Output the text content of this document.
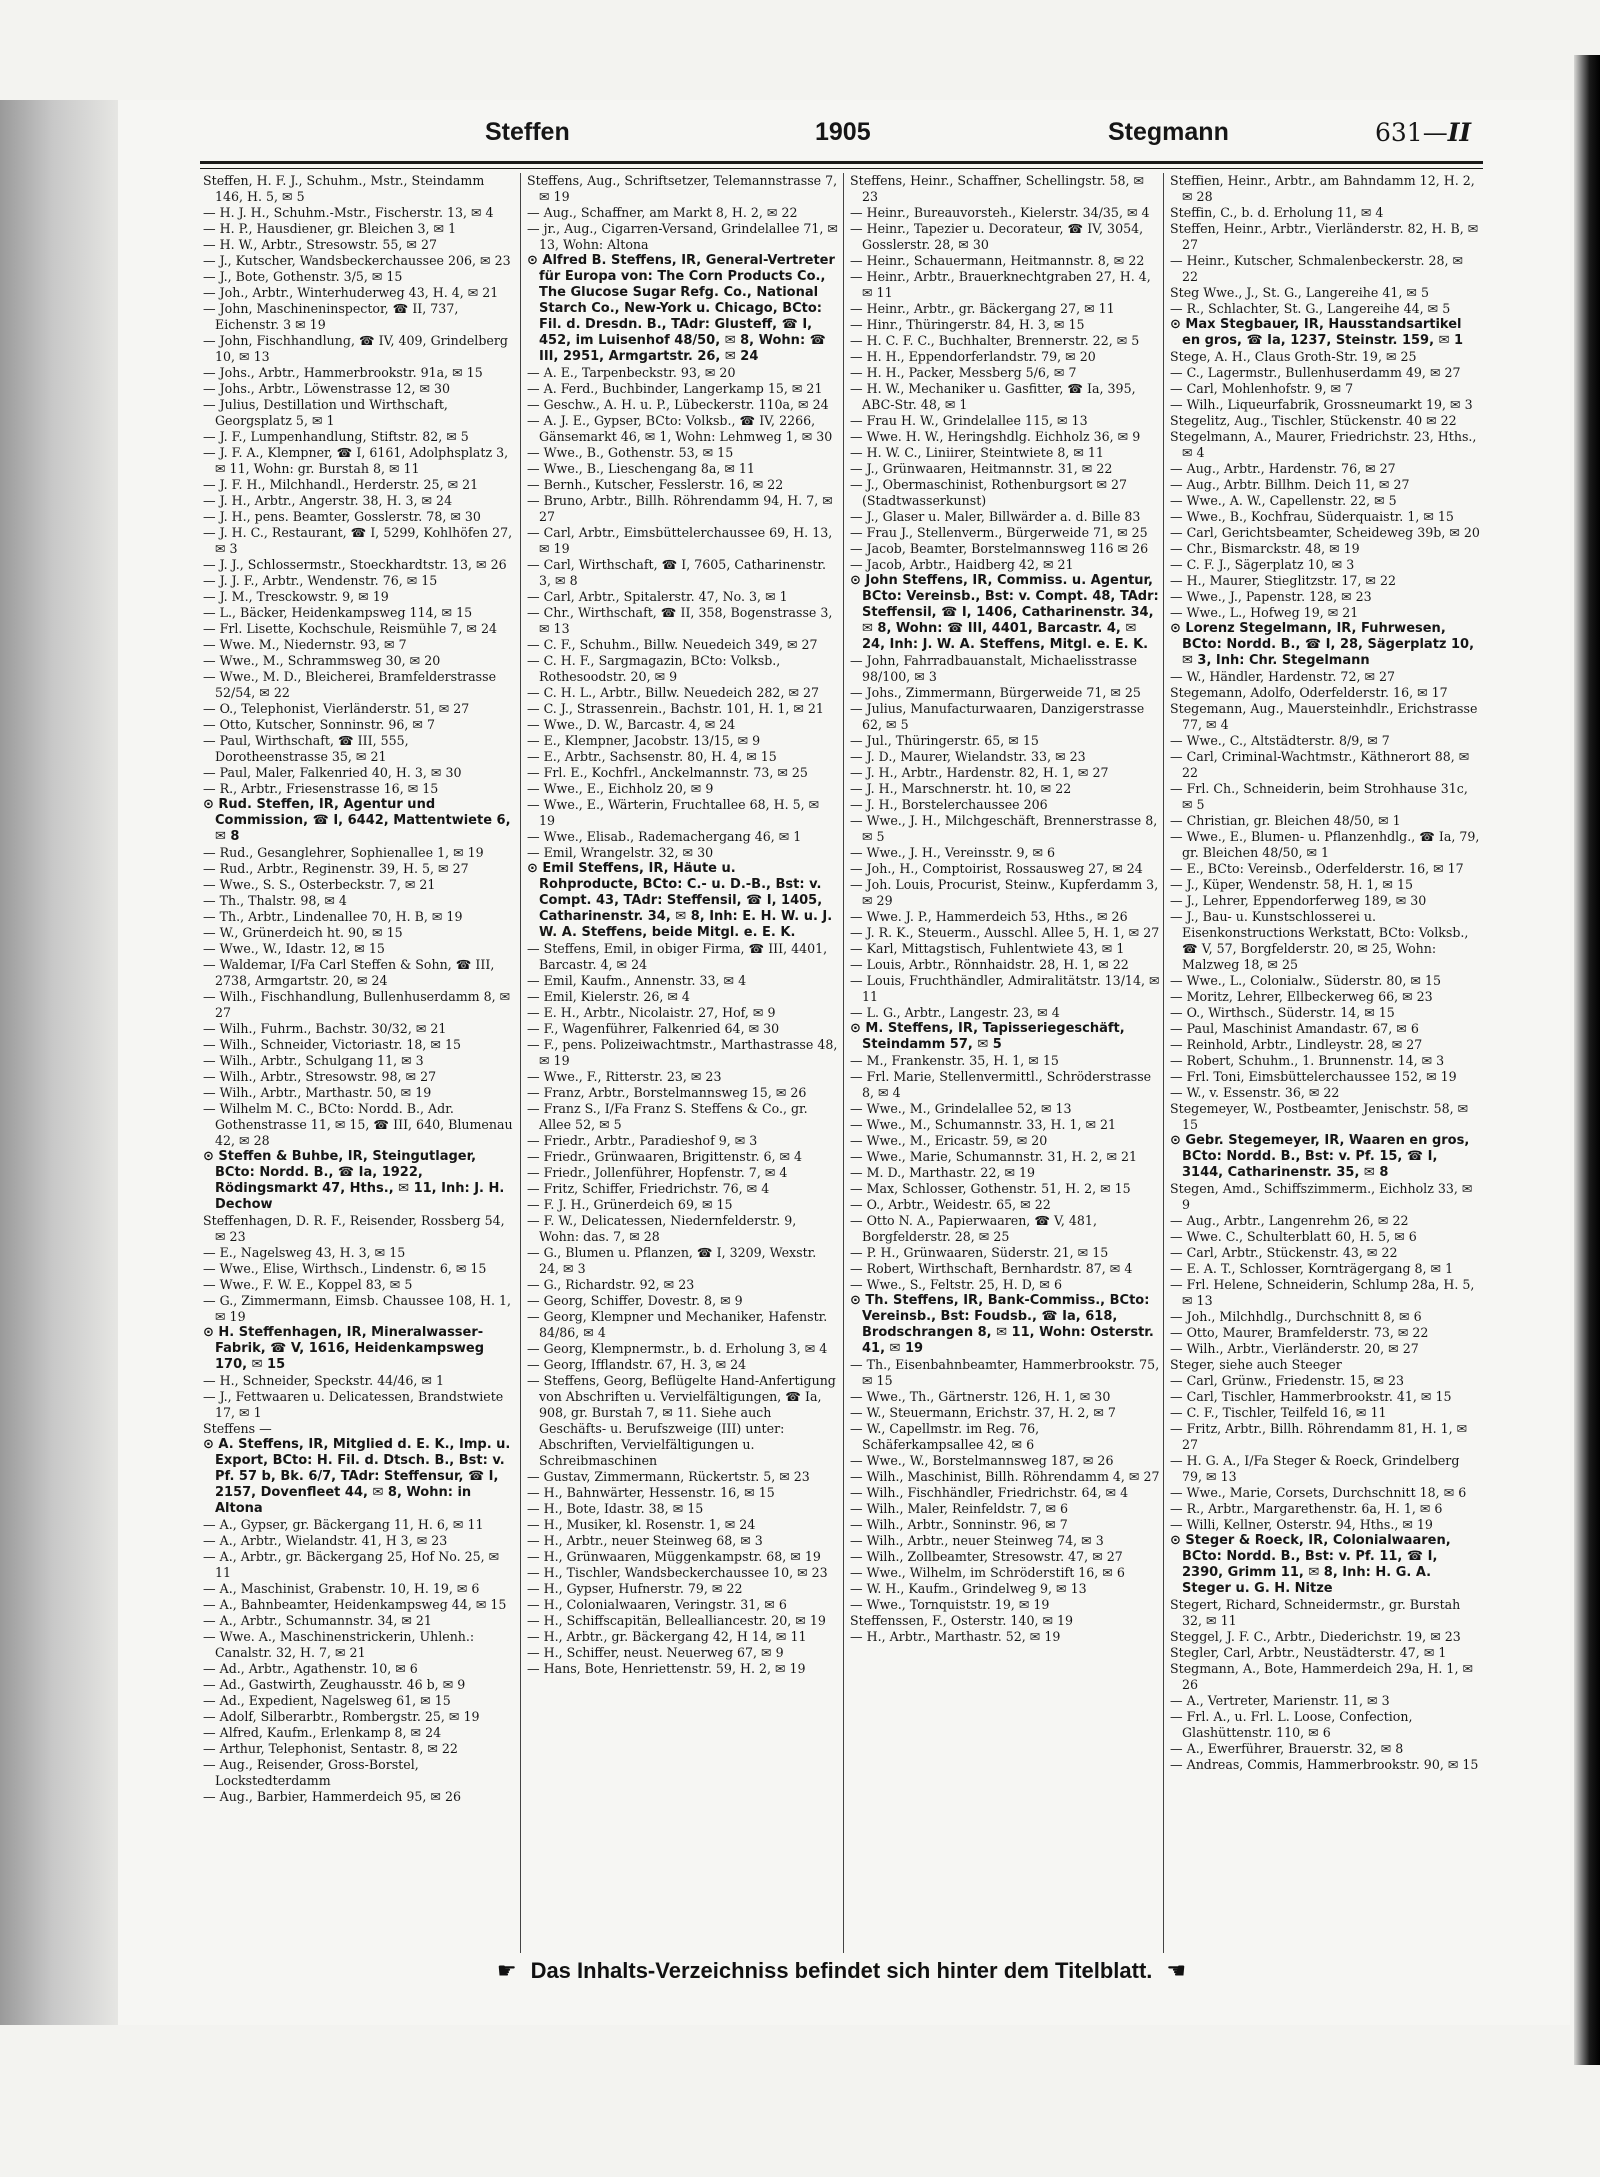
Steffen	1905	Stegmann	631—II

Steffen, H. F. J., Schuhm., Mstr., Steindamm 146, H. 5, ✉ 5

— H. J. H., Schuhm.-Mstr., Fischerstr. 13, ✉ 4

— H. P., Hausdiener, gr. Bleichen 3, ✉ 1

— H. W., Arbtr., Stresowstr. 55, ✉ 27

— J., Kutscher, Wandsbeckerchaussee 206, ✉ 23

— J., Bote, Gothenstr. 3/5, ✉ 15

— Joh., Arbtr., Winterhuderweg 43, H. 4, ✉ 21

— John, Maschineninspector, ☎ II, 737, Eichenstr. 3 ✉ 19

— John, Fischhandlung, ☎ IV, 409, Grindelberg 10, ✉ 13

— Johs., Arbtr., Hammerbrookstr. 91a, ✉ 15

— Johs., Arbtr., Löwenstrasse 12, ✉ 30

— Julius, Destillation und Wirthschaft, Georgsplatz 5, ✉ 1

— J. F., Lumpenhandlung, Stiftstr. 82, ✉ 5

— J. F. A., Klempner, ☎ I, 6161, Adolphsplatz 3, ✉ 11, Wohn: gr. Burstah 8, ✉ 11

— J. F. H., Milchhandl., Herderstr. 25, ✉ 21

— J. H., Arbtr., Angerstr. 38, H. 3, ✉ 24

— J. H., pens. Beamter, Gosslerstr. 78, ✉ 30

— J. H. C., Restaurant, ☎ I, 5299, Kohlhöfen 27, ✉ 3

— J. J., Schlossermstr., Stoeckhardtstr. 13, ✉ 26

— J. J. F., Arbtr., Wendenstr. 76, ✉ 15

— J. M., Tresckowstr. 9, ✉ 19

— L., Bäcker, Heidenkampsweg 114, ✉ 15

— Frl. Lisette, Kochschule, Reismühle 7, ✉ 24

— Wwe. M., Niedernstr. 93, ✉ 7

— Wwe., M., Schrammsweg 30, ✉ 20

— Wwe., M. D., Bleicherei, Bramfelderstrasse 52/54, ✉ 22

— O., Telephonist, Vierländerstr. 51, ✉ 27

— Otto, Kutscher, Sonninstr. 96, ✉ 7

— Paul, Wirthschaft, ☎ III, 555, Dorotheenstrasse 35, ✉ 21

— Paul, Maler, Falkenried 40, H. 3, ✉ 30

— R., Arbtr., Friesenstrasse 16, ✉ 15

⊙ Rud. Steffen, IR, Agentur und Commission, ☎ I, 6442, Mattentwiete 6, ✉ 8

— Rud., Gesanglehrer, Sophienallee 1, ✉ 19

— Rud., Arbtr., Reginenstr. 39, H. 5, ✉ 27

— Wwe., S. S., Osterbeckstr. 7, ✉ 21

— Th., Thalstr. 98, ✉ 4

— Th., Arbtr., Lindenallee 70, H. B, ✉ 19

— W., Grünerdeich ht. 90, ✉ 15

— Wwe., W., Idastr. 12, ✉ 15

— Waldemar, I/Fa Carl Steffen & Sohn, ☎ III, 2738, Armgartstr. 20, ✉ 24

— Wilh., Fischhandlung, Bullenhuserdamm 8, ✉ 27

— Wilh., Fuhrm., Bachstr. 30/32, ✉ 21

— Wilh., Schneider, Victoriastr. 18, ✉ 15

— Wilh., Arbtr., Schulgang 11, ✉ 3

— Wilh., Arbtr., Stresowstr. 98, ✉ 27

— Wilh., Arbtr., Marthastr. 50, ✉ 19

— Wilhelm M. C., BCto: Nordd. B., Adr. Gothenstrasse 11, ✉ 15, ☎ III, 640, Blumenau 42, ✉ 28

⊙ Steffen & Buhbe, IR, Steingutlager, BCto: Nordd. B., ☎ Ia, 1922, Rödingsmarkt 47, Hths., ✉ 11, Inh: J. H. Dechow

Steffenhagen, D. R. F., Reisender, Rossberg 54, ✉ 23

— E., Nagelsweg 43, H. 3, ✉ 15

— Wwe., Elise, Wirthsch., Lindenstr. 6, ✉ 15

— Wwe., F. W. E., Koppel 83, ✉ 5

— G., Zimmermann, Eimsb. Chaussee 108, H. 1, ✉ 19

⊙ H. Steffenhagen, IR, Mineralwasser-Fabrik, ☎ V, 1616, Heidenkampsweg 170, ✉ 15

— H., Schneider, Speckstr. 44/46, ✉ 1

— J., Fettwaaren u. Delicatessen, Brandstwiete 17, ✉ 1

Steffens —

⊙ A. Steffens, IR, Mitglied d. E. K., Imp. u. Export, BCto: H. Fil. d. Dtsch. B., Bst: v. Pf. 57 b, Bk. 6/7, TAdr: Steffensur, ☎ I, 2157, Dovenfleet 44, ✉ 8, Wohn: in Altona

— A., Gypser, gr. Bäckergang 11, H. 6, ✉ 11

— A., Arbtr., Wielandstr. 41, H 3, ✉ 23

— A., Arbtr., gr. Bäckergang 25, Hof No. 25, ✉ 11

— A., Maschinist, Grabenstr. 10, H. 19, ✉ 6

— A., Bahnbeamter, Heidenkampsweg 44, ✉ 15

— A., Arbtr., Schumannstr. 34, ✉ 21

— Wwe. A., Maschinenstrickerin, Uhlenh.: Canalstr. 32, H. 7, ✉ 21

— Ad., Arbtr., Agathenstr. 10, ✉ 6

— Ad., Gastwirth, Zeughausstr. 46 b, ✉ 9

— Ad., Expedient, Nagelsweg 61, ✉ 15

— Adolf, Silberarbtr., Rombergstr. 25, ✉ 19

— Alfred, Kaufm., Erlenkamp 8, ✉ 24

— Arthur, Telephonist, Sentastr. 8, ✉ 22

— Aug., Reisender, Gross-Borstel, Lockstedterdamm

— Aug., Barbier, Hammerdeich 95, ✉ 26

Steffens, Aug., Schriftsetzer, Telemannstrasse 7, ✉ 19

— Aug., Schaffner, am Markt 8, H. 2, ✉ 22

— jr., Aug., Cigarren-Versand, Grindelallee 71, ✉ 13, Wohn: Altona

⊙ Alfred B. Steffens, IR, General-Vertreter für Europa von: The Corn Products Co., The Glucose Sugar Refg. Co., National Starch Co., New-York u. Chicago, BCto: Fil. d. Dresdn. B., TAdr: Glusteff, ☎ I, 452, im Luisenhof 48/50, ✉ 8, Wohn: ☎ III, 2951, Armgartstr. 26, ✉ 24

— A. E., Tarpenbeckstr. 93, ✉ 20

— A. Ferd., Buchbinder, Langerkamp 15, ✉ 21

— Geschw., A. H. u. P., Lübeckerstr. 110a, ✉ 24

— A. J. E., Gypser, BCto: Volksb., ☎ IV, 2266, Gänsemarkt 46, ✉ 1, Wohn: Lehmweg 1, ✉ 30

— Wwe., B., Gothenstr. 53, ✉ 15

— Wwe., B., Lieschengang 8a, ✉ 11

— Bernh., Kutscher, Fesslerstr. 16, ✉ 22

— Bruno, Arbtr., Billh. Röhrendamm 94, H. 7, ✉ 27

— Carl, Arbtr., Eimsbüttelerchaussee 69, H. 13, ✉ 19

— Carl, Wirthschaft, ☎ I, 7605, Catharinenstr. 3, ✉ 8

— Carl, Arbtr., Spitalerstr. 47, No. 3, ✉ 1

— Chr., Wirthschaft, ☎ II, 358, Bogenstrasse 3, ✉ 13

— C. F., Schuhm., Billw. Neuedeich 349, ✉ 27

— C. H. F., Sargmagazin, BCto: Volksb., Rothesoodstr. 20, ✉ 9

— C. H. L., Arbtr., Billw. Neuedeich 282, ✉ 27

— C. J., Strassenrein., Bachstr. 101, H. 1, ✉ 21

— Wwe., D. W., Barcastr. 4, ✉ 24

— E., Klempner, Jacobstr. 13/15, ✉ 9

— E., Arbtr., Sachsenstr. 80, H. 4, ✉ 15

— Frl. E., Kochfrl., Anckelmannstr. 73, ✉ 25

— Wwe., E., Eichholz 20, ✉ 9

— Wwe., E., Wärterin, Fruchtallee 68, H. 5, ✉ 19

— Wwe., Elisab., Rademachergang 46, ✉ 1

— Emil, Wrangelstr. 32, ✉ 30

⊙ Emil Steffens, IR, Häute u. Rohproducte, BCto: C.- u. D.-B., Bst: v. Compt. 43, TAdr: Steffensil, ☎ I, 1405, Catharinenstr. 34, ✉ 8, Inh: E. H. W. u. J. W. A. Steffens, beide Mitgl. e. E. K.

— Steffens, Emil, in obiger Firma, ☎ III, 4401, Barcastr. 4, ✉ 24

— Emil, Kaufm., Annenstr. 33, ✉ 4

— Emil, Kielerstr. 26, ✉ 4

— E. H., Arbtr., Nicolaistr. 27, Hof, ✉ 9

— F., Wagenführer, Falkenried 64, ✉ 30

— F., pens. Polizeiwachtmstr., Marthastrasse 48, ✉ 19

— Wwe., F., Ritterstr. 23, ✉ 23

— Franz, Arbtr., Borstelmannsweg 15, ✉ 26

— Franz S., I/Fa Franz S. Steffens & Co., gr. Allee 52, ✉ 5

— Friedr., Arbtr., Paradieshof 9, ✉ 3

— Friedr., Grünwaaren, Brigittenstr. 6, ✉ 4

— Friedr., Jollenführer, Hopfenstr. 7, ✉ 4

— Fritz, Schiffer, Friedrichstr. 76, ✉ 4

— F. J. H., Grünerdeich 69, ✉ 15

— F. W., Delicatessen, Niedernfelderstr. 9, Wohn: das. 7, ✉ 28

— G., Blumen u. Pflanzen, ☎ I, 3209, Wexstr. 24, ✉ 3

— G., Richardstr. 92, ✉ 23

— Georg, Schiffer, Dovestr. 8, ✉ 9

— Georg, Klempner und Mechaniker, Hafenstr. 84/86, ✉ 4

— Georg, Klempnermstr., b. d. Erholung 3, ✉ 4

— Georg, Ifflandstr. 67, H. 3, ✉ 24

— Steffens, Georg, Beflügelte Hand-Anfertigung von Abschriften u. Vervielfältigungen, ☎ Ia, 908, gr. Burstah 7, ✉ 11. Siehe auch Geschäfts- u. Berufszweige (III) unter: Abschriften, Vervielfältigungen u. Schreibmaschinen

— Gustav, Zimmermann, Rückertstr. 5, ✉ 23

— H., Bahnwärter, Hessenstr. 16, ✉ 15

— H., Bote, Idastr. 38, ✉ 15

— H., Musiker, kl. Rosenstr. 1, ✉ 24

— H., Arbtr., neuer Steinweg 68, ✉ 3

— H., Grünwaaren, Müggenkampstr. 68, ✉ 19

— H., Tischler, Wandsbeckerchaussee 10, ✉ 23

— H., Gypser, Hufnerstr. 79, ✉ 22

— H., Colonialwaaren, Veringstr. 31, ✉ 6

— H., Schiffscapitän, Bellealliancestr. 20, ✉ 19

— H., Arbtr., gr. Bäckergang 42, H 14, ✉ 11

— H., Schiffer, neust. Neuerweg 67, ✉ 9

— Hans, Bote, Henriettenstr. 59, H. 2, ✉ 19

Steffens, Heinr., Schaffner, Schellingstr. 58, ✉ 23

— Heinr., Bureauvorsteh., Kielerstr. 34/35, ✉ 4

— Heinr., Tapezier u. Decorateur, ☎ IV, 3054, Gosslerstr. 28, ✉ 30

— Heinr., Schauermann, Heitmannstr. 8, ✉ 22

— Heinr., Arbtr., Brauerknechtgraben 27, H. 4, ✉ 11

— Heinr., Arbtr., gr. Bäckergang 27, ✉ 11

— Hinr., Thüringerstr. 84, H. 3, ✉ 15

— H. C. F. C., Buchhalter, Brennerstr. 22, ✉ 5

— H. H., Eppendorferlandstr. 79, ✉ 20

— H. H., Packer, Messberg 5/6, ✉ 7

— H. W., Mechaniker u. Gasfitter, ☎ Ia, 395, ABC-Str. 48, ✉ 1

— Frau H. W., Grindelallee 115, ✉ 13

— Wwe. H. W., Heringshdlg. Eichholz 36, ✉ 9

— H. W. C., Liniirer, Steintwiete 8, ✉ 11

— J., Grünwaaren, Heitmannstr. 31, ✉ 22

— J., Obermaschinist, Rothenburgsort ✉ 27 (Stadtwasserkunst)

— J., Glaser u. Maler, Billwärder a. d. Bille 83

— Frau J., Stellenverm., Bürgerweide 71, ✉ 25

— Jacob, Beamter, Borstelmannsweg 116 ✉ 26

— Jacob, Arbtr., Haidberg 42, ✉ 21

⊙ John Steffens, IR, Commiss. u. Agentur, BCto: Vereinsb., Bst: v. Compt. 48, TAdr: Steffensil, ☎ I, 1406, Catharinenstr. 34, ✉ 8, Wohn: ☎ III, 4401, Barcastr. 4, ✉ 24, Inh: J. W. A. Steffens, Mitgl. e. E. K.

— John, Fahrradbauanstalt, Michaelisstrasse 98/100, ✉ 3

— Johs., Zimmermann, Bürgerweide 71, ✉ 25

— Julius, Manufacturwaaren, Danzigerstrasse 62, ✉ 5

— Jul., Thüringerstr. 65, ✉ 15

— J. D., Maurer, Wielandstr. 33, ✉ 23

— J. H., Arbtr., Hardenstr. 82, H. 1, ✉ 27

— J. H., Marschnerstr. ht. 10, ✉ 22

— J. H., Borstelerchaussee 206

— Wwe., J. H., Milchgeschäft, Brennerstrasse 8, ✉ 5

— Wwe., J. H., Vereinsstr. 9, ✉ 6

— Joh., H., Comptoirist, Rossausweg 27, ✉ 24

— Joh. Louis, Procurist, Steinw., Kupferdamm 3, ✉ 29

— Wwe. J. P., Hammerdeich 53, Hths., ✉ 26

— J. R. K., Steuerm., Ausschl. Allee 5, H. 1, ✉ 27

— Karl, Mittagstisch, Fuhlentwiete 43, ✉ 1

— Louis, Arbtr., Rönnhaidstr. 28, H. 1, ✉ 22

— Louis, Fruchthändler, Admiralitätstr. 13/14, ✉ 11

— L. G., Arbtr., Langestr. 23, ✉ 4

⊙ M. Steffens, IR, Tapisseriegeschäft, Steindamm 57, ✉ 5

— M., Frankenstr. 35, H. 1, ✉ 15

— Frl. Marie, Stellenvermittl., Schröderstrasse 8, ✉ 4

— Wwe., M., Grindelallee 52, ✉ 13

— Wwe., M., Schumannstr. 33, H. 1, ✉ 21

— Wwe., M., Ericastr. 59, ✉ 20

— Wwe., Marie, Schumannstr. 31, H. 2, ✉ 21

— M. D., Marthastr. 22, ✉ 19

— Max, Schlosser, Gothenstr. 51, H. 2, ✉ 15

— O., Arbtr., Weidestr. 65, ✉ 22

— Otto N. A., Papierwaaren, ☎ V, 481, Borgfelderstr. 28, ✉ 25

— P. H., Grünwaaren, Süderstr. 21, ✉ 15

— Robert, Wirthschaft, Bernhardstr. 87, ✉ 4

— Wwe., S., Feltstr. 25, H. D, ✉ 6

⊙ Th. Steffens, IR, Bank-Commiss., BCto: Vereinsb., Bst: Foudsb., ☎ Ia, 618, Brodschrangen 8, ✉ 11, Wohn: Osterstr. 41, ✉ 19

— Th., Eisenbahnbeamter, Hammerbrookstr. 75, ✉ 15

— Wwe., Th., Gärtnerstr. 126, H. 1, ✉ 30

— W., Steuermann, Erichstr. 37, H. 2, ✉ 7

— W., Capellmstr. im Reg. 76, Schäferkampsallee 42, ✉ 6

— Wwe., W., Borstelmannsweg 187, ✉ 26

— Wilh., Maschinist, Billh. Röhrendamm 4, ✉ 27

— Wilh., Fischhändler, Friedrichstr. 64, ✉ 4

— Wilh., Maler, Reinfeldstr. 7, ✉ 6

— Wilh., Arbtr., Sonninstr. 96, ✉ 7

— Wilh., Arbtr., neuer Steinweg 74, ✉ 3

— Wilh., Zollbeamter, Stresowstr. 47, ✉ 27

— Wwe., Wilhelm, im Schröderstift 16, ✉ 6

— W. H., Kaufm., Grindelweg 9, ✉ 13

— Wwe., Tornquiststr. 19, ✉ 19

Steffenssen, F., Osterstr. 140, ✉ 19

— H., Arbtr., Marthastr. 52, ✉ 19

Steffien, Heinr., Arbtr., am Bahndamm 12, H. 2, ✉ 28

Steffin, C., b. d. Erholung 11, ✉ 4

Steffen, Heinr., Arbtr., Vierländerstr. 82, H. B, ✉ 27

— Heinr., Kutscher, Schmalenbeckerstr. 28, ✉ 22

Steg Wwe., J., St. G., Langereihe 41, ✉ 5

— R., Schlachter, St. G., Langereihe 44, ✉ 5

⊙ Max Stegbauer, IR, Hausstandsartikel en gros, ☎ Ia, 1237, Steinstr. 159, ✉ 1

Stege, A. H., Claus Groth-Str. 19, ✉ 25

— C., Lagermstr., Bullenhuserdamm 49, ✉ 27

— Carl, Mohlenhofstr. 9, ✉ 7

— Wilh., Liqueurfabrik, Grossneumarkt 19, ✉ 3

Stegelitz, Aug., Tischler, Stückenstr. 40 ✉ 22

Stegelmann, A., Maurer, Friedrichstr. 23, Hths., ✉ 4

— Aug., Arbtr., Hardenstr. 76, ✉ 27

— Aug., Arbtr. Billhm. Deich 11, ✉ 27

— Wwe., A. W., Capellenstr. 22, ✉ 5

— Wwe., B., Kochfrau, Süderquaistr. 1, ✉ 15

— Carl, Gerichtsbeamter, Scheideweg 39b, ✉ 20

— Chr., Bismarckstr. 48, ✉ 19

— C. F. J., Sägerplatz 10, ✉ 3

— H., Maurer, Stieglitzstr. 17, ✉ 22

— Wwe., J., Papenstr. 128, ✉ 23

— Wwe., L., Hofweg 19, ✉ 21

⊙ Lorenz Stegelmann, IR, Fuhrwesen, BCto: Nordd. B., ☎ I, 28, Sägerplatz 10, ✉ 3, Inh: Chr. Stegelmann

— W., Händler, Hardenstr. 72, ✉ 27

Stegemann, Adolfo, Oderfelderstr. 16, ✉ 17

Stegemann, Aug., Mauersteinhdlr., Erichstrasse 77, ✉ 4

— Wwe., C., Altstädterstr. 8/9, ✉ 7

— Carl, Criminal-Wachtmstr., Käthnerort 88, ✉ 22

— Frl. Ch., Schneiderin, beim Strohhause 31c, ✉ 5

— Christian, gr. Bleichen 48/50, ✉ 1

— Wwe., E., Blumen- u. Pflanzenhdlg., ☎ Ia, 79, gr. Bleichen 48/50, ✉ 1

— E., BCto: Vereinsb., Oderfelderstr. 16, ✉ 17

— J., Küper, Wendenstr. 58, H. 1, ✉ 15

— J., Lehrer, Eppendorferweg 189, ✉ 30

— J., Bau- u. Kunstschlosserei u. Eisenkonstructions Werkstatt, BCto: Volksb., ☎ V, 57, Borgfelderstr. 20, ✉ 25, Wohn: Malzweg 18, ✉ 25

— Wwe., L., Colonialw., Süderstr. 80, ✉ 15

— Moritz, Lehrer, Ellbeckerweg 66, ✉ 23

— O., Wirthsch., Süderstr. 14, ✉ 15

— Paul, Maschinist Amandastr. 67, ✉ 6

— Reinhold, Arbtr., Lindleystr. 28, ✉ 27

— Robert, Schuhm., 1. Brunnenstr. 14, ✉ 3

— Frl. Toni, Eimsbüttelerchaussee 152, ✉ 19

— W., v. Essenstr. 36, ✉ 22

Stegemeyer, W., Postbeamter, Jenischstr. 58, ✉ 15

⊙ Gebr. Stegemeyer, IR, Waaren en gros, BCto: Nordd. B., Bst: v. Pf. 15, ☎ I, 3144, Catharinenstr. 35, ✉ 8

Stegen, Amd., Schiffszimmerm., Eichholz 33, ✉ 9

— Aug., Arbtr., Langenrehm 26, ✉ 22

— Wwe. C., Schulterblatt 60, H. 5, ✉ 6

— Carl, Arbtr., Stückenstr. 43, ✉ 22

— E. A. T., Schlosser, Kornträgergang 8, ✉ 1

— Frl. Helene, Schneiderin, Schlump 28a, H. 5, ✉ 13

— Joh., Milchhdlg., Durchschnitt 8, ✉ 6

— Otto, Maurer, Bramfelderstr. 73, ✉ 22

— Wilh., Arbtr., Vierländerstr. 20, ✉ 27

Steger, siehe auch Steeger

— Carl, Grünw., Friedenstr. 15, ✉ 23

— Carl, Tischler, Hammerbrookstr. 41, ✉ 15

— C. F., Tischler, Teilfeld 16, ✉ 11

— Fritz, Arbtr., Billh. Röhrendamm 81, H. 1, ✉ 27

— H. G. A., I/Fa Steger & Roeck, Grindelberg 79, ✉ 13

— Wwe., Marie, Corsets, Durchschnitt 18, ✉ 6

— R., Arbtr., Margarethenstr. 6a, H. 1, ✉ 6

— Willi, Kellner, Osterstr. 94, Hths., ✉ 19

⊙ Steger & Roeck, IR, Colonialwaaren, BCto: Nordd. B., Bst: v. Pf. 11, ☎ I, 2390, Grimm 11, ✉ 8, Inh: H. G. A. Steger u. G. H. Nitze

Stegert, Richard, Schneidermstr., gr. Burstah 32, ✉ 11

Steggel, J. F. C., Arbtr., Diederichstr. 19, ✉ 23

Stegler, Carl, Arbtr., Neustädterstr. 47, ✉ 1

Stegmann, A., Bote, Hammerdeich 29a, H. 1, ✉ 26

— A., Vertreter, Marienstr. 11, ✉ 3

— Frl. A., u. Frl. L. Loose, Confection, Glashüttenstr. 110, ✉ 6

— A., Ewerführer, Brauerstr. 32, ✉ 8

— Andreas, Commis, Hammerbrookstr. 90, ✉ 15

☛ Das Inhalts-Verzeichniss befindet sich hinter dem Titelblatt. ☚
